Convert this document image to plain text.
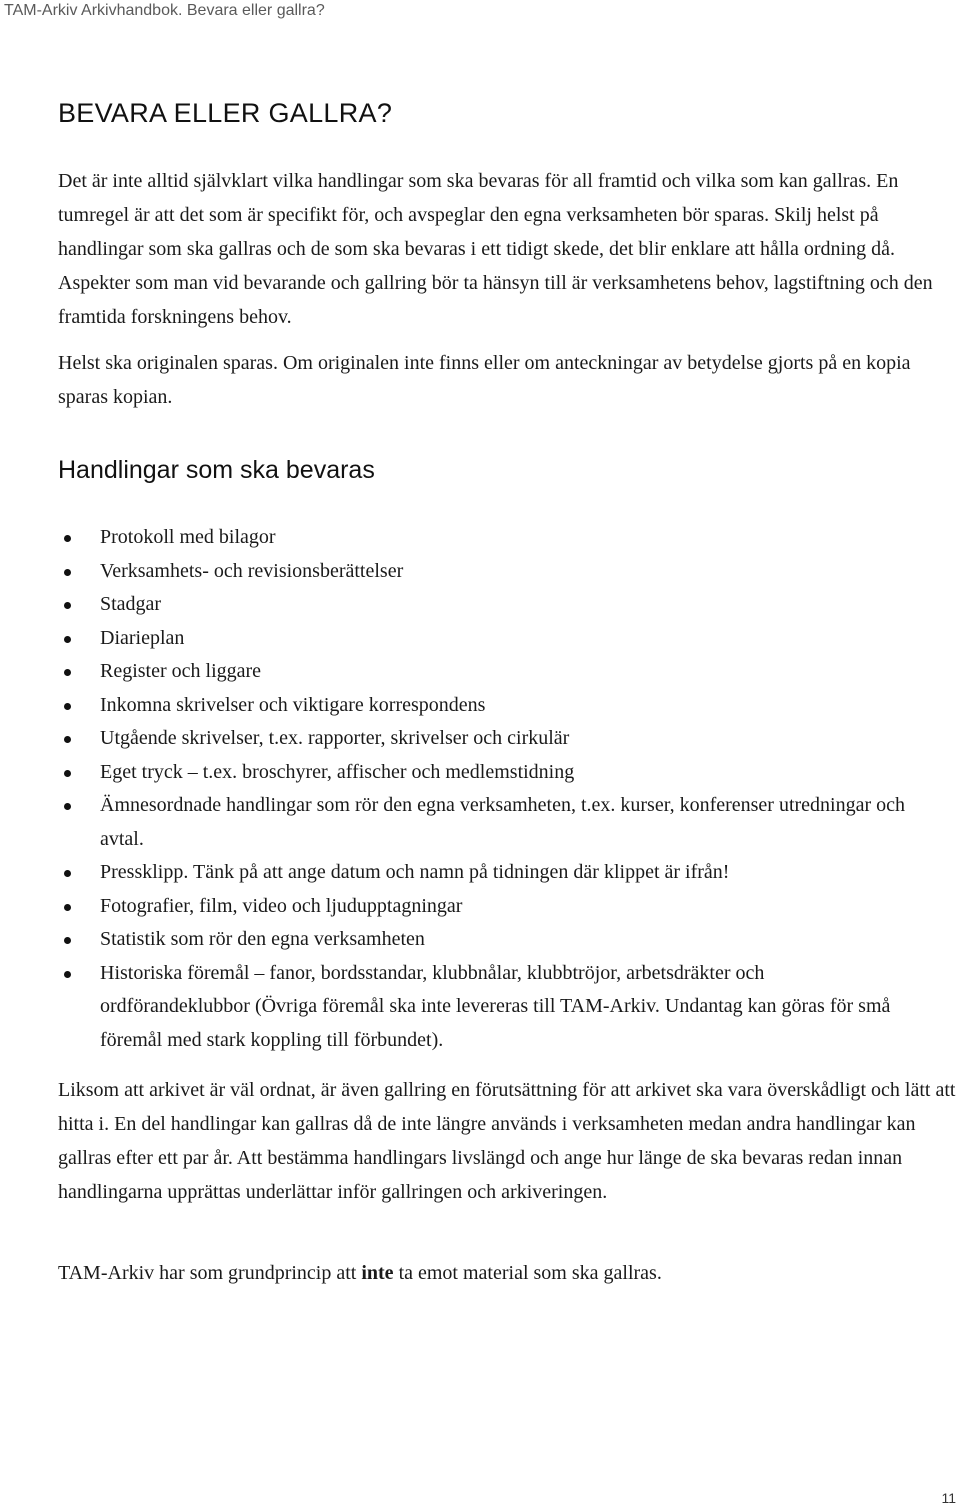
TAM-Arkiv Arkivhandbok. Bevara eller gallra?
BEVARA ELLER GALLRA?

Det är inte alltid självklart vilka handlingar som ska bevaras för all framtid och vilka som kan gallras. En tumregel är att det som är specifikt för, och avspeglar den egna verksamheten bör sparas. Skilj helst på handlingar som ska gallras och de som ska bevaras i ett tidigt skede, det blir enklare att hålla ordning då. Aspekter som man vid bevarande och gallring bör ta hänsyn till är verksamhetens behov, lagstiftning och den framtida forskningens behov.

Helst ska originalen sparas. Om originalen inte finns eller om anteckningar av betydelse gjorts på en kopia sparas kopian.

Handlingar som ska bevaras
Protokoll med bilagor
Verksamhets- och revisionsberättelser
Stadgar
Diarieplan
Register och liggare
Inkomna skrivelser och viktigare korrespondens
Utgående skrivelser, t.ex. rapporter, skrivelser och cirkulär
Eget tryck – t.ex. broschyrer, affischer och medlemstidning
Ämnesordnade handlingar som rör den egna verksamheten, t.ex. kurser, konferenser utredningar och avtal.
Pressklipp. Tänk på att ange datum och namn på tidningen där klippet är ifrån!
Fotografier, film, video och ljudupptagningar
Statistik som rör den egna verksamheten
Historiska föremål – fanor, bordsstandar, klubbnålar, klubbtröjor, arbetsdräkter och ordförandeklubbor (Övriga föremål ska inte levereras till TAM-Arkiv. Undantag kan göras för små föremål med stark koppling till förbundet).

Liksom att arkivet är väl ordnat, är även gallring en förutsättning för att arkivet ska vara överskådligt och lätt att hitta i. En del handlingar kan gallras då de inte längre används i verksamheten medan andra handlingar kan gallras efter ett par år. Att bestämma handlingars livslängd och ange hur länge de ska bevaras redan innan handlingarna upprättas underlättar inför gallringen och arkiveringen.

TAM-Arkiv har som grundprincip att inte ta emot material som ska gallras.

11
